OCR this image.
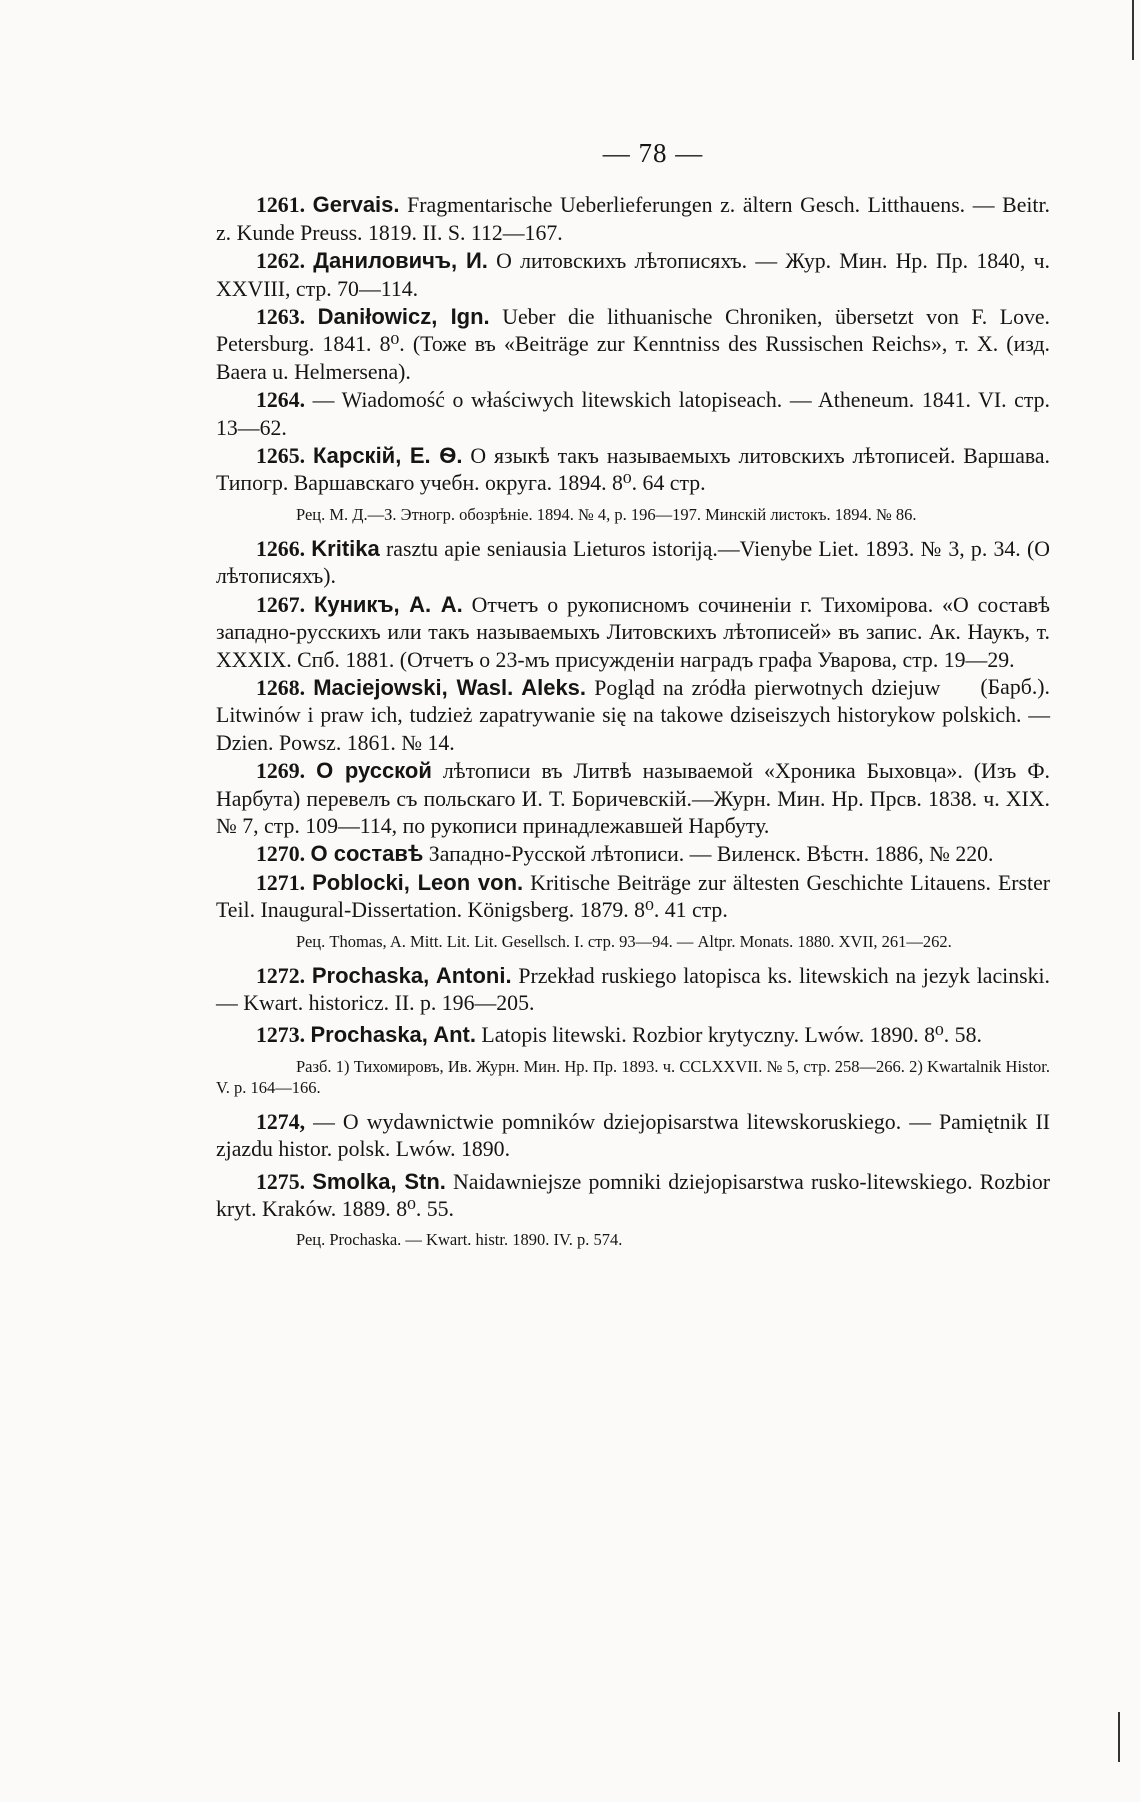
— 78 —

1261. Gervais. Fragmentarische Ueberlieferungen z. ältern Gesch. Litthauens. — Beitr. z. Kunde Preuss. 1819. II. S. 112—167.

1262. Даниловичъ, И. О литовскихъ лѣтописяхъ. — Жур. Мин. Нр. Пр. 1840, ч. XXVIII, стр. 70—114.

1263. Daniłowicz, Ign. Ueber die lithuanische Chroniken, übersetzt von F. Love. Petersburg. 1841. 8⁰. (Тоже въ «Beiträge zur Kenntniss des Russischen Reichs», т. X. (изд. Baera u. Helmersena).

1264. — Wiadomość o właściwych litewskich latopiseach. — Atheneum. 1841. VI. стр. 13—62.

1265. Карскій, Е. Ѳ. О языкѣ такъ называемыхъ литовскихъ лѣтописей. Варшава. Типогр. Варшавскаго учебн. округа. 1894. 8⁰. 64 стр.

Рец. М. Д.—З. Этногр. обозрѣніе. 1894. № 4, р. 196—197. Минскій листокъ. 1894. № 86.

1266. Kritika rasztu apie seniausia Lieturos istoriją.—Vienybe Liet. 1893. № 3, p. 34. (О лѣтописяхъ).

1267. Куникъ, А. А. Отчетъ о рукописномъ сочиненіи г. Тихоміровa. «О составѣ западно-русскихъ или такъ называемыхъ Литовскихъ лѣтописей» въ запис. Ак. Наукъ, т. XXXIX. Спб. 1881. (Отчетъ о 23-мъ присужденіи наградъ графа Уварова, стр. 19—29.
(Барб.).

1268. Maciejowski, Wasl. Aleks. Pogląd na zródła pierwotnych dziejuw Litwinów i praw ich, tudzież zapatrywanie się na takowe dziseiszych historykow polskich. — Dzien. Powsz. 1861. № 14.

1269. О русской лѣтописи въ Литвѣ называемой «Хроника Быховца». (Изъ Ф. Нарбута) перевелъ съ польскаго И. Т. Боричевскій.—Журн. Мин. Нр. Прсв. 1838. ч. XIX. № 7, стр. 109—114, по рукописи принадлежавшей Нарбуту.

1270. О составѣ Западно-Русской лѣтописи. — Виленск. Вѣстн. 1886, № 220.

1271. Poblocki, Leon von. Kritische Beiträge zur ältesten Geschichte Litauens. Erster Teil. Inaugural-Dissertation. Königsberg. 1879. 8⁰. 41 стр.

Рец. Thomas, A. Mitt. Lit. Lit. Gesellsch. I. стр. 93—94. — Altpr. Monats. 1880. XVII, 261—262.

1272. Prochaska, Antoni. Przekład ruskiego latopisca ks. litewskich na jezyk lacinski. — Kwart. historicz. II. p. 196—205.

1273. Prochaska, Ant. Latopis litewski. Rozbior krytyczny. Lwów. 1890. 8⁰. 58.

Разб. 1) Тихомировъ, Ив. Журн. Мин. Нр. Пр. 1893. ч. CCLXXVII. № 5, стр. 258—266. 2) Kwartalnik Histor. V. p. 164—166.

1274, — O wydawnictwie pomników dziejopisarstwa litewskoruskiego. — Pamiętnik II zjazdu histor. polsk. Lwów. 1890.

1275. Smolka, Stn. Naidawniejsze pomniki dziejopisarstwa rusko-litewskiego. Rozbior kryt. Kraków. 1889. 8⁰. 55.

Рец. Prochaska. — Kwart. histr. 1890. IV. p. 574.
